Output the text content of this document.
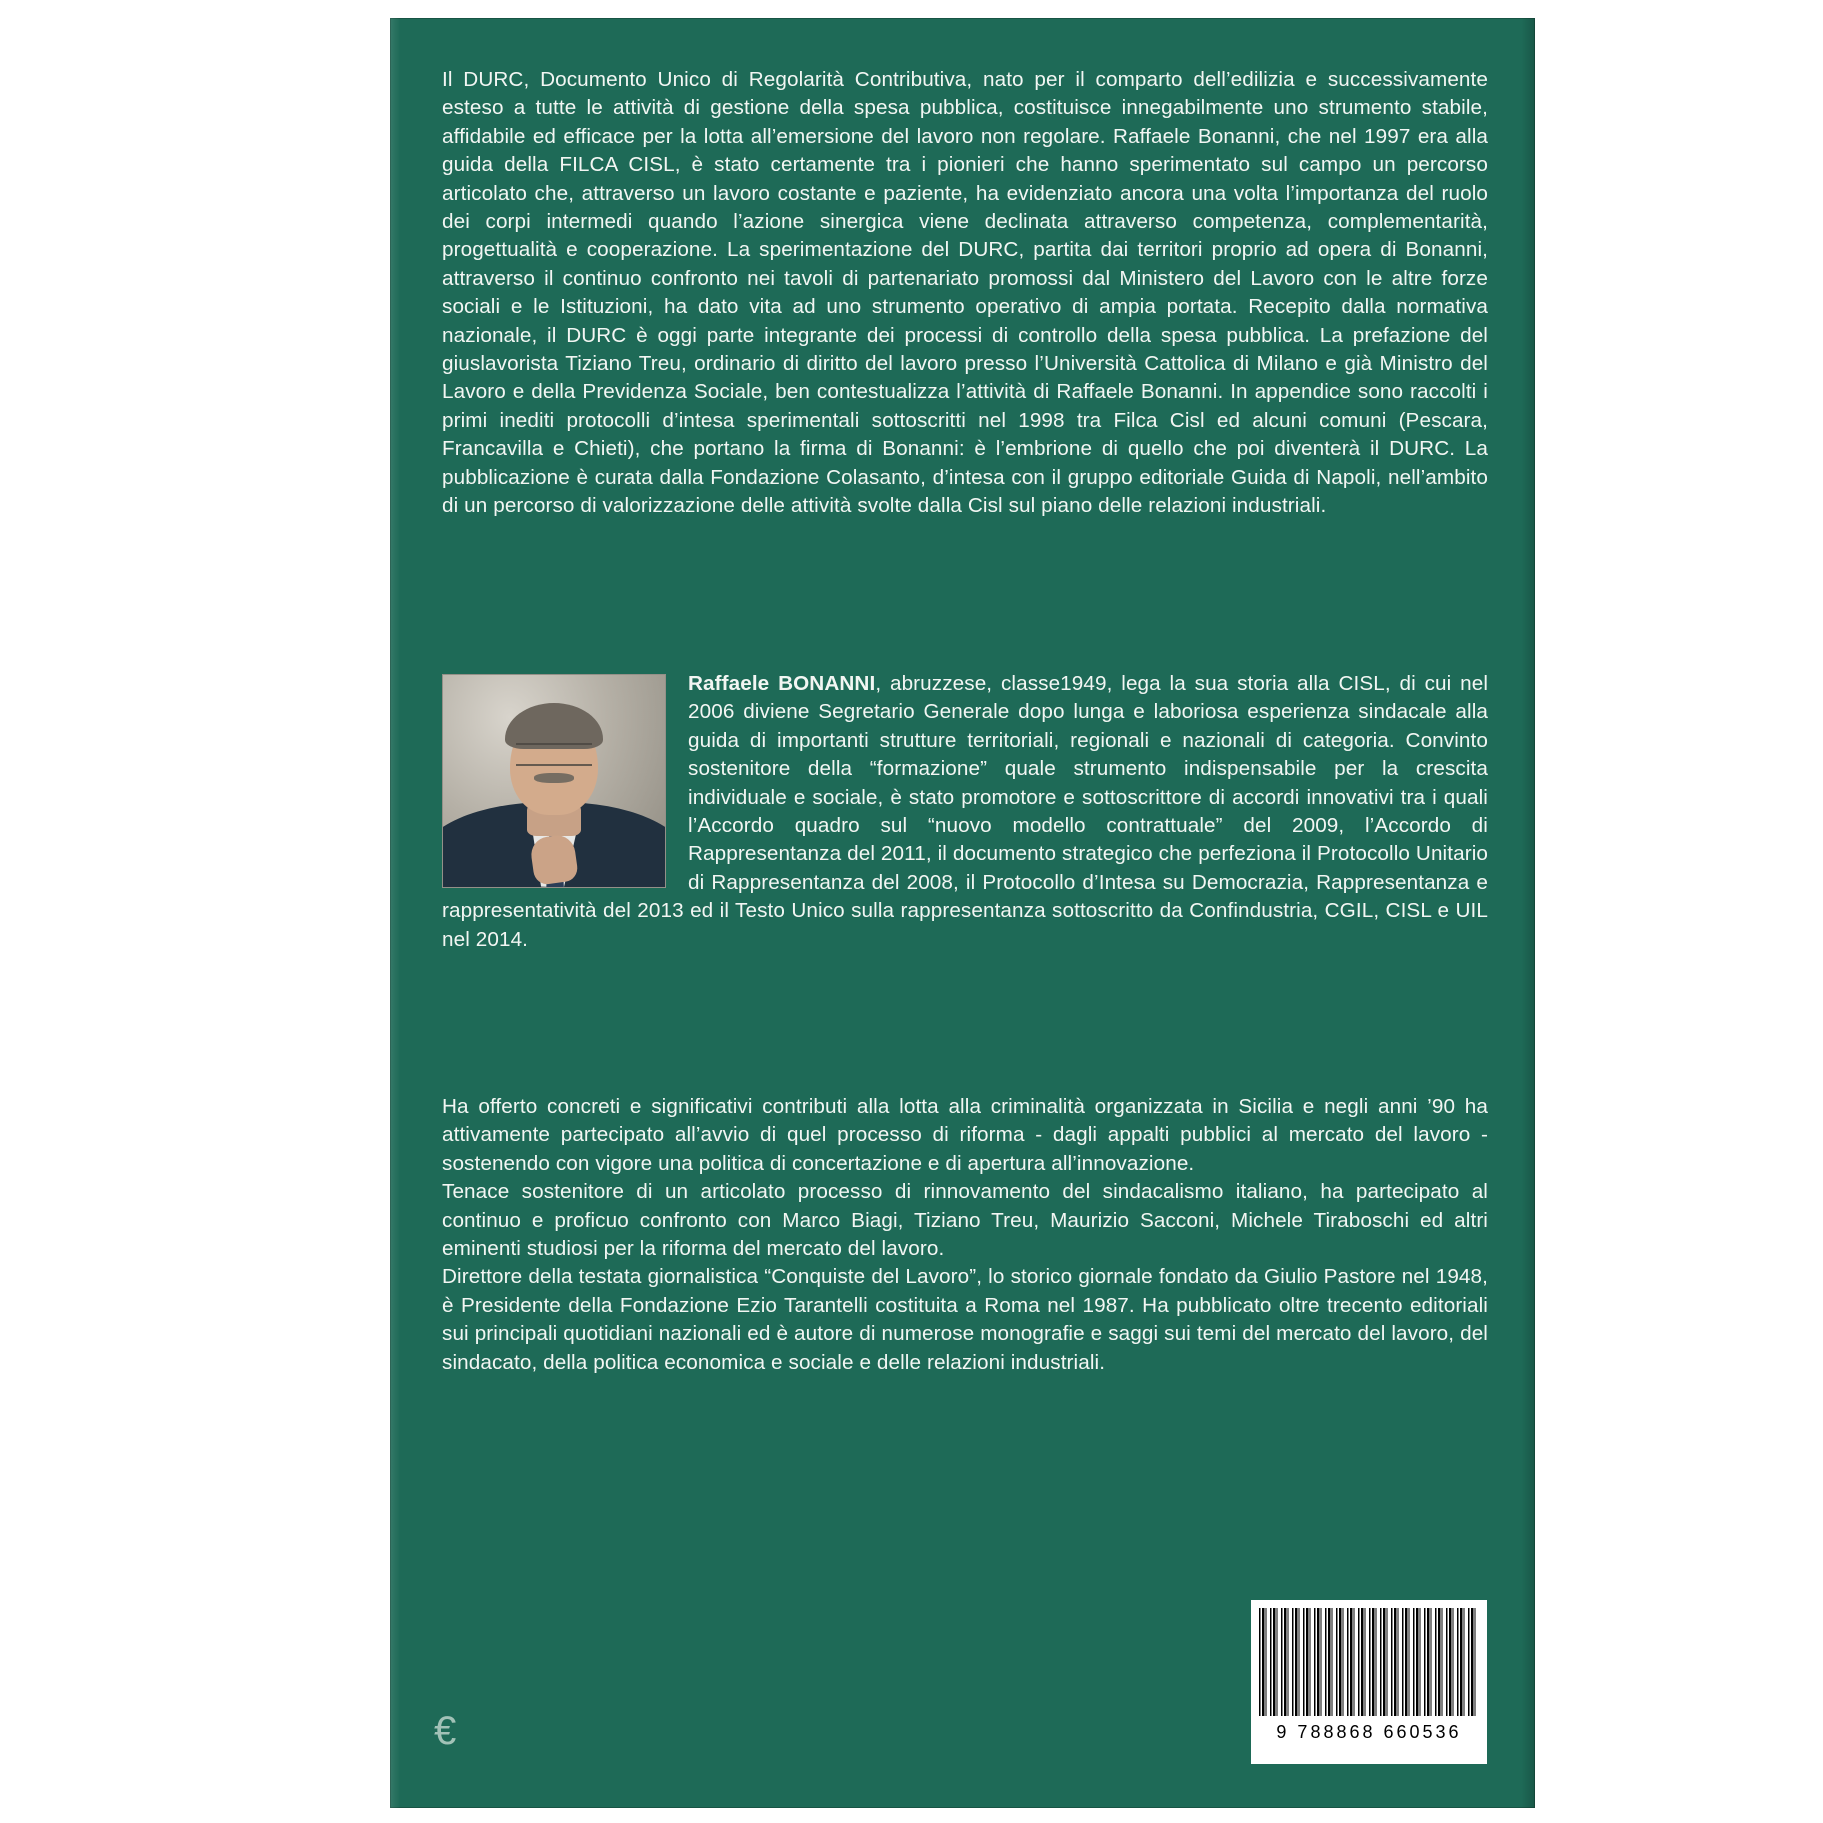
Il DURC, Documento Unico di Regolarità Contributiva, nato per il comparto dell’edilizia e successivamente esteso a tutte le attività di gestione della spesa pubblica, costituisce innegabilmente uno strumento stabile, affidabile ed efficace per la lotta all’emersione del lavoro non regolare. Raffaele Bonanni, che nel 1997 era alla guida della FILCA CISL, è stato certamente tra i pionieri che hanno sperimentato sul campo un percorso articolato che, attraverso un lavoro costante e paziente, ha evidenziato ancora una volta l’importanza del ruolo dei corpi intermedi quando l’azione sinergica viene declinata attraverso competenza, complementarità, progettualità e cooperazione. La sperimentazione del DURC, partita dai territori proprio ad opera di Bonanni, attraverso il continuo confronto nei tavoli di partenariato promossi dal Ministero del Lavoro con le altre forze sociali e le Istituzioni, ha dato vita ad uno strumento operativo di ampia portata. Recepito dalla normativa nazionale, il DURC è oggi parte integrante dei processi di controllo della spesa pubblica. La prefazione del giuslavorista Tiziano Treu, ordinario di diritto del lavoro presso l’Università Cattolica di Milano e già Ministro del Lavoro e della Previdenza Sociale, ben contestualizza l’attività di Raffaele Bonanni. In appendice sono raccolti i primi inediti protocolli d’intesa sperimentali sottoscritti nel 1998 tra Filca Cisl ed alcuni comuni (Pescara, Francavilla e Chieti), che portano la firma di Bonanni: è l’embrione di quello che poi diventerà il DURC. La pubblicazione è curata dalla Fondazione Colasanto, d’intesa con il gruppo editoriale Guida di Napoli, nell’ambito di un percorso di valorizzazione delle attività svolte dalla Cisl sul piano delle relazioni industriali.
Raffaele BONANNI, abruzzese, classe1949, lega la sua storia alla CISL, di cui nel 2006 diviene Segretario Generale dopo lunga e laboriosa esperienza sindacale alla guida di importanti strutture territoriali, regionali e nazionali di categoria. Convinto sostenitore della “formazione” quale strumento indispensabile per la crescita individuale e sociale, è stato promotore e sottoscrittore di accordi innovativi tra i quali l’Accordo quadro sul “nuovo modello contrattuale” del 2009, l’Accordo di Rappresentanza del 2011, il documento strategico che perfeziona il Protocollo Unitario di Rappresentanza del 2008, il Protocollo d’Intesa su Democrazia, Rappresentanza e rappresentatività del 2013 ed il Testo Unico sulla rappresentanza sottoscritto da Confindustria, CGIL, CISL e UIL nel 2014.

Ha offerto concreti e significativi contributi alla lotta alla criminalità organizzata in Sicilia e negli anni ’90 ha attivamente partecipato all’avvio di quel processo di riforma - dagli appalti pubblici al mercato del lavoro - sostenendo con vigore una politica di concertazione e di apertura all’innovazione.

Tenace sostenitore di un articolato processo di rinnovamento del sindacalismo italiano, ha partecipato al continuo e proficuo confronto con Marco Biagi, Tiziano Treu, Maurizio Sacconi, Michele Tiraboschi ed altri eminenti studiosi per la riforma del mercato del lavoro.

Direttore della testata giornalistica “Conquiste del Lavoro”, lo storico giornale fondato da Giulio Pastore nel 1948, è Presidente della Fondazione Ezio Tarantelli costituita a Roma nel 1987. Ha pubblicato oltre trecento editoriali sui principali quotidiani nazionali ed è autore di numerose monografie e saggi sui temi del mercato del lavoro, del sindacato, della politica economica e sociale e delle relazioni industriali.

€	9 788868 660536
